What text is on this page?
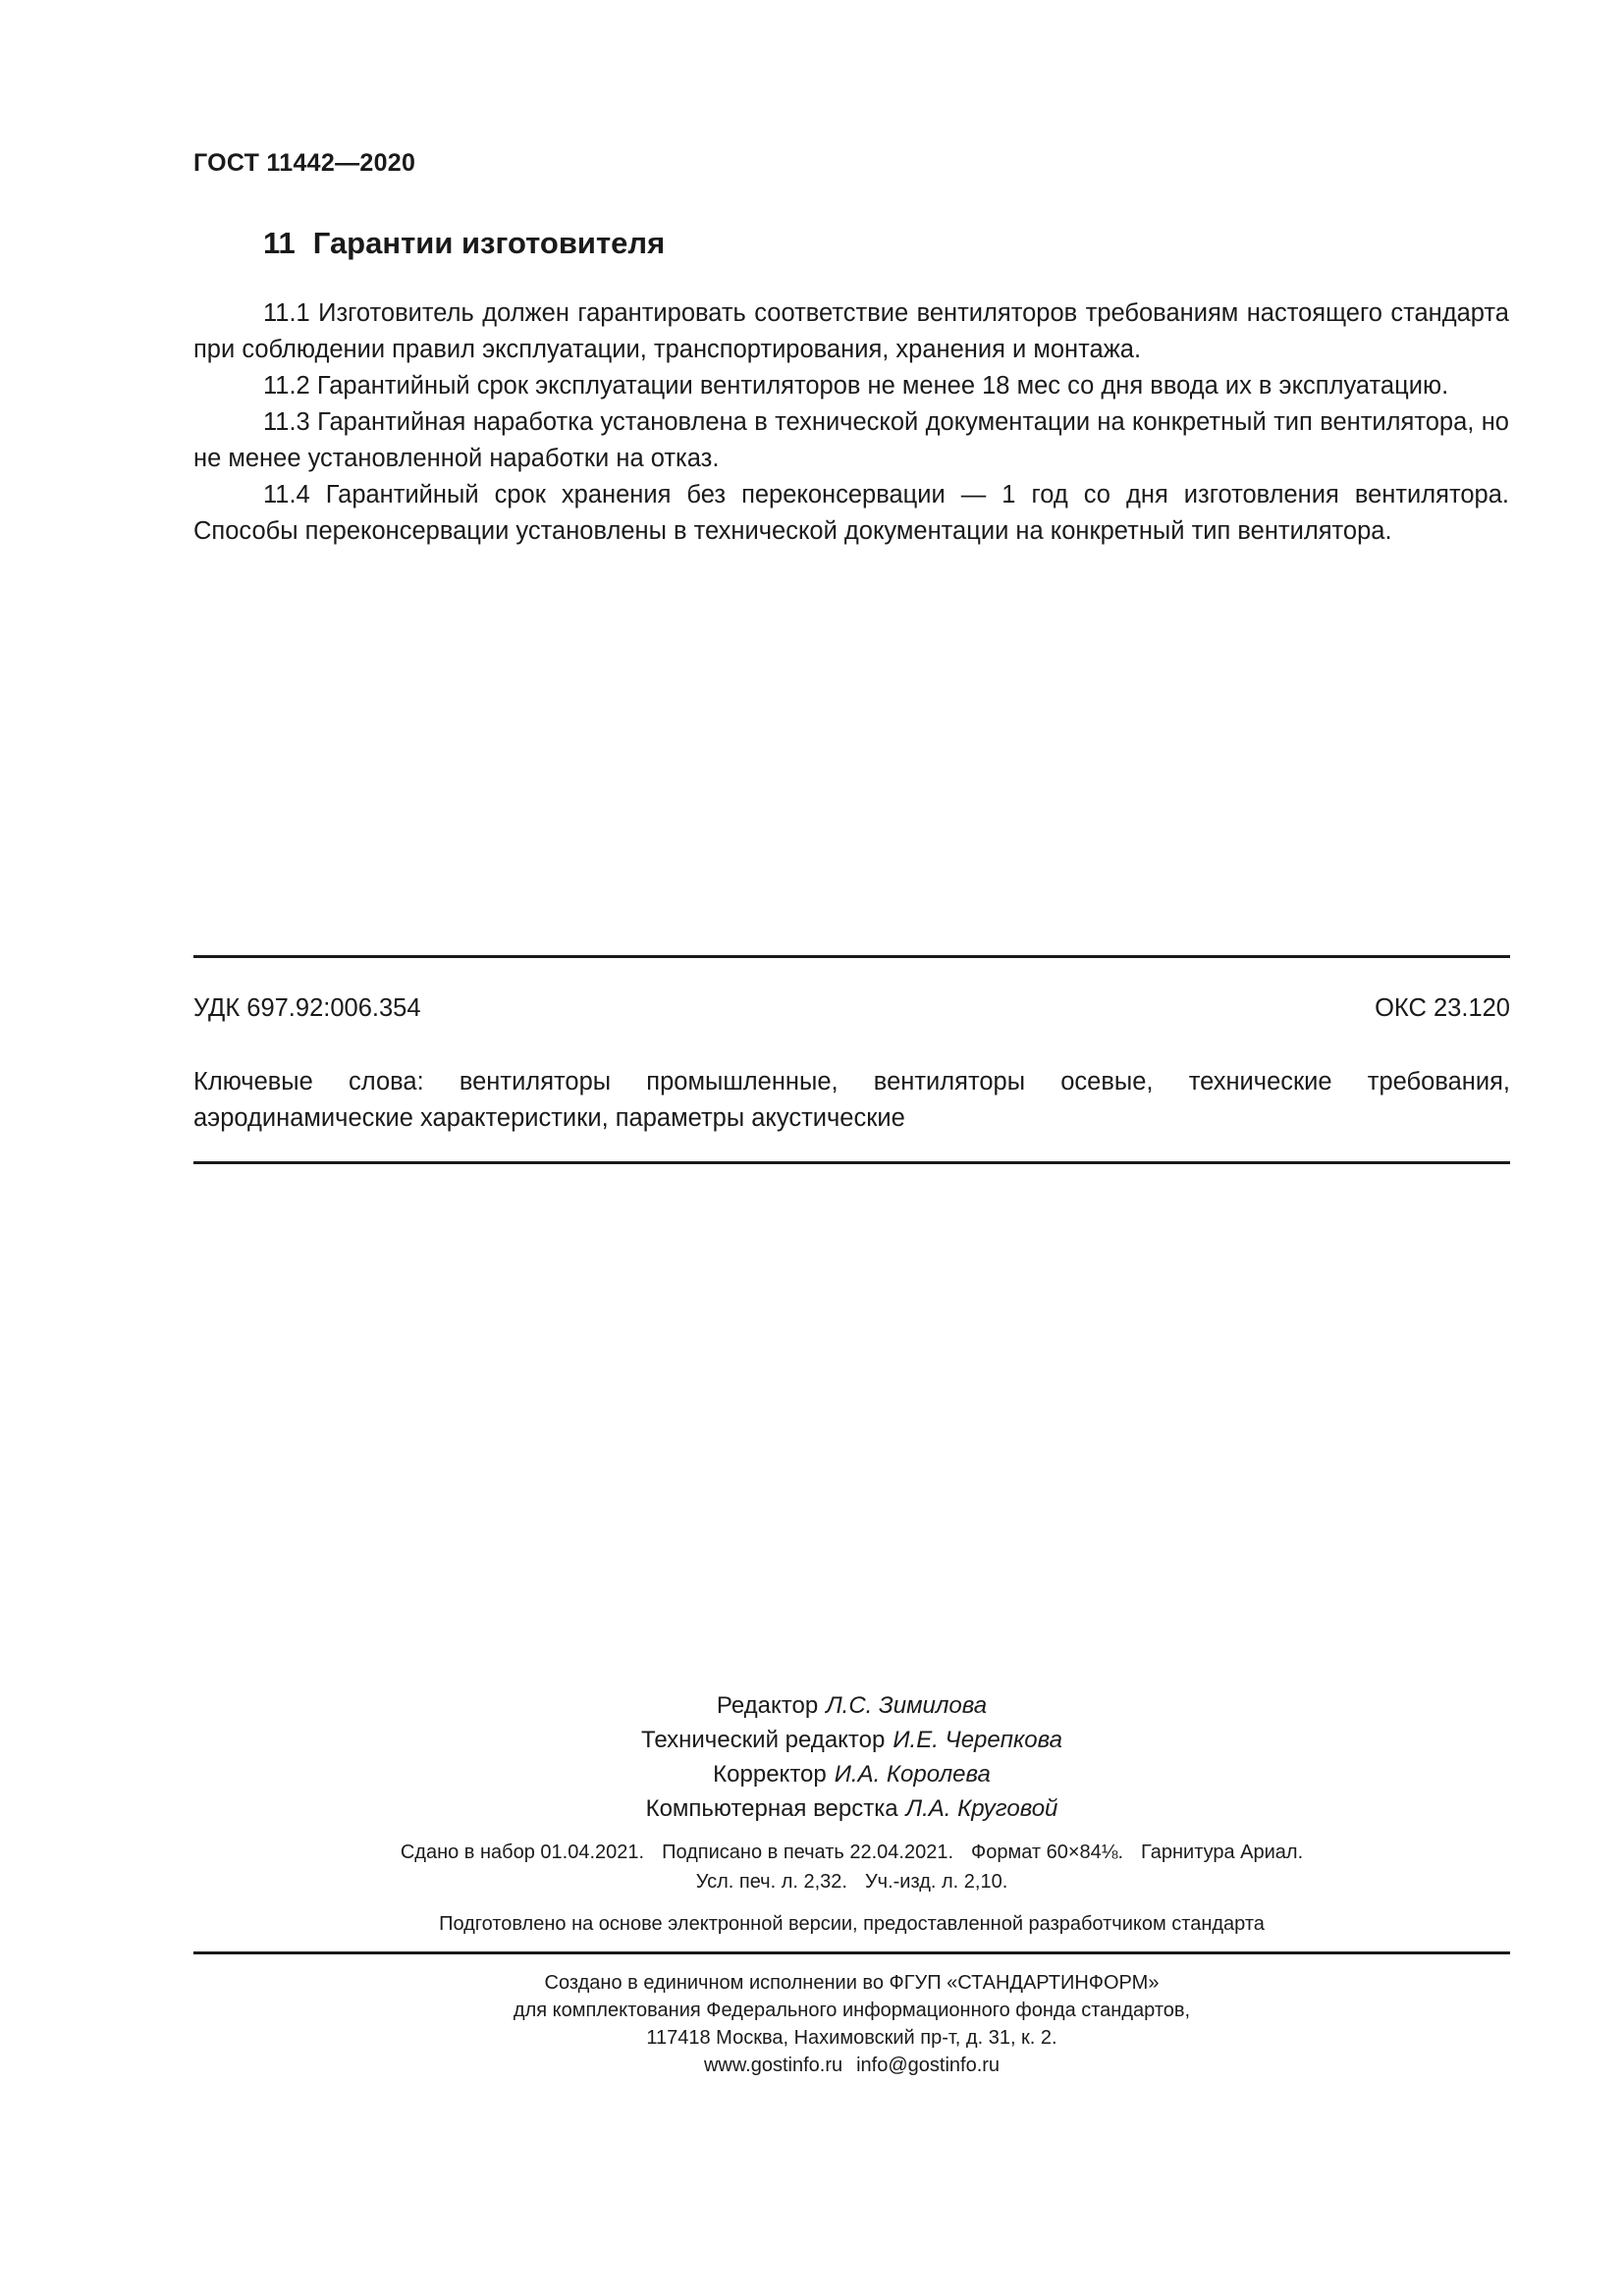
ГОСТ 11442—2020
11 Гарантии изготовителя

11.1 Изготовитель должен гарантировать соответствие вентиляторов требованиям настоящего стандарта при соблюдении правил эксплуатации, транспортирования, хранения и монтажа.

11.2 Гарантийный срок эксплуатации вентиляторов не менее 18 мес со дня ввода их в эксплуатацию.

11.3 Гарантийная наработка установлена в технической документации на конкретный тип вентилятора, но не менее установленной наработки на отказ.

11.4 Гарантийный срок хранения без переконсервации — 1 год со дня изготовления вентилятора. Способы переконсервации установлены в технической документации на конкретный тип вентилятора.

УДК 697.92:006.354	ОКС 23.120
Ключевые слова: вентиляторы промышленные, вентиляторы осевые, технические требования, аэродинамические характеристики, параметры акустические
Редактор Л.С. Зимилова
Технический редактор И.Е. Черепкова
Корректор И.А. Королева
Компьютерная верстка Л.А. Круговой
Сдано в набор 01.04.2021. Подписано в печать 22.04.2021. Формат 60×84⅛. Гарнитура Ариал.
Усл. печ. л. 2,32. Уч.-изд. л. 2,10.
Подготовлено на основе электронной версии, предоставленной разработчиком стандарта
Создано в единичном исполнении во ФГУП «СТАНДАРТИНФОРМ»
для комплектования Федерального информационного фонда стандартов,
117418 Москва, Нахимовский пр-т, д. 31, к. 2.
www.gostinfo.ru info@gostinfo.ru
